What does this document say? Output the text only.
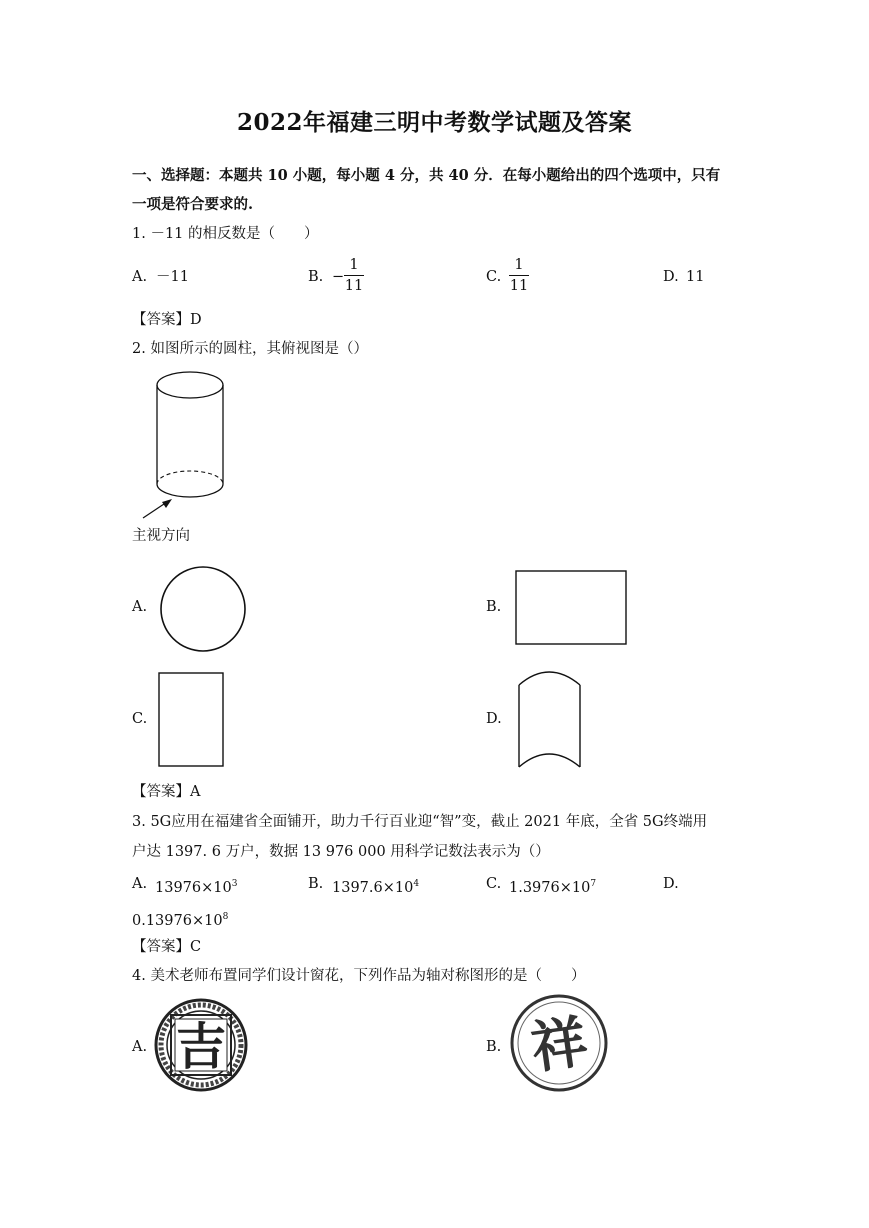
2022年福建三明中考数学试题及答案
一、选择题：本题共 10 小题，每小题 4 分，共 40 分．在每小题给出的四个选项中，只有
一项是符合要求的.
1. －11 的相反数是（　　）
A. －11	B. −
1
11
C.
1
11
D. 11
【答案】D
2. 如图所示的圆柱，其俯视图是（）
主视方向
A.	B.
C.	D.
【答案】A
3. 5G应用在福建省全面铺开，助力千行百业迎“智”变，截止 2021 年底，全省 5G终端用
户达 1397. 6 万户，数据 13 976 000 用科学记数法表示为（）
A. $13976\times 10^3$	B. $1397.6\times 10^4$	C. $1.3976\times 10^7$	D.
$0.13976\times 10^8$
【答案】C
4. 美术老师布置同学们设计窗花，下列作品为轴对称图形的是（　　）
A. 吉	B. 祥
